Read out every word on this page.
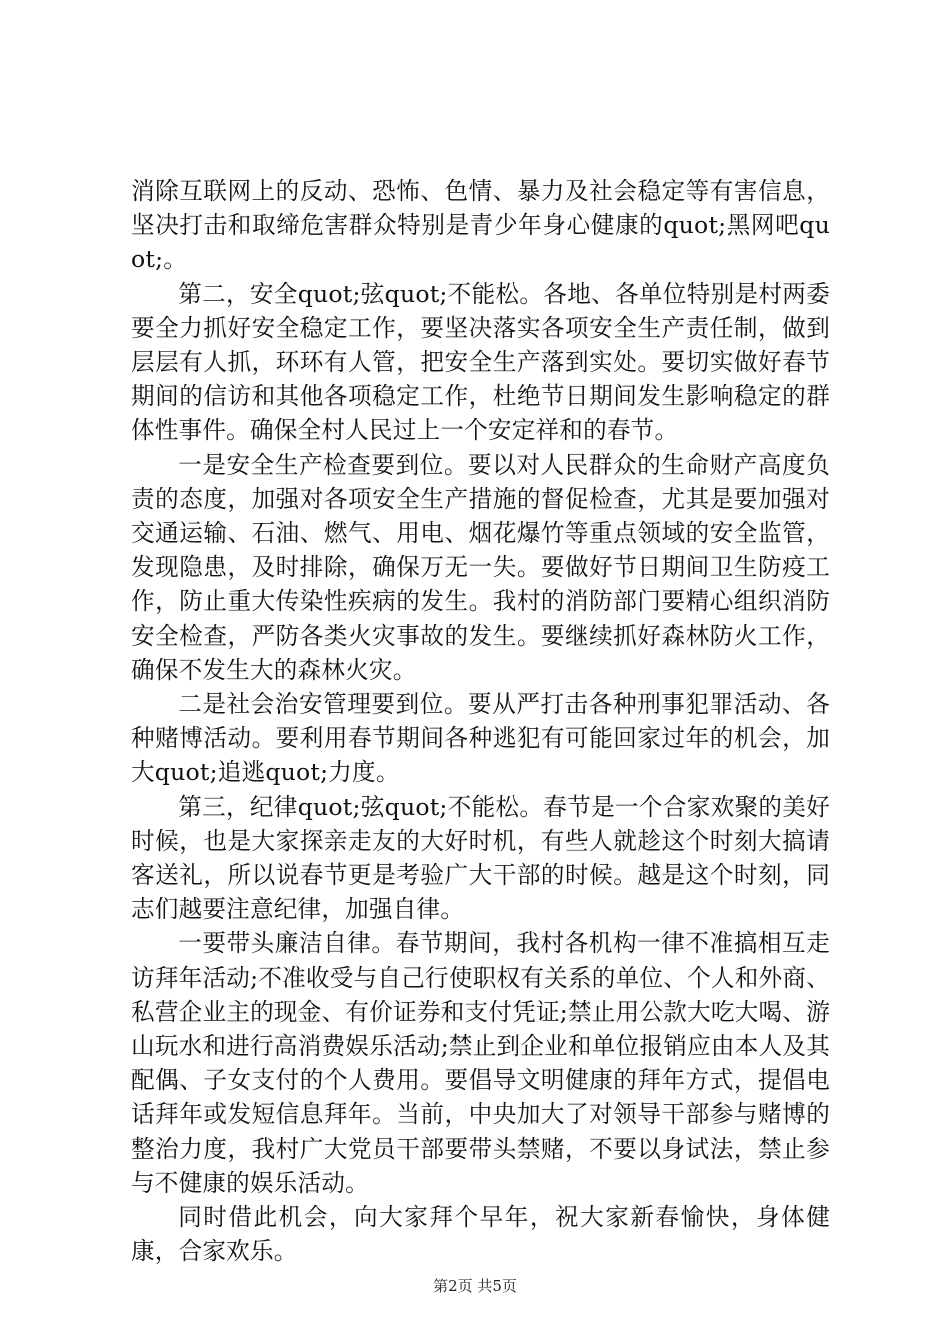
消除互联网上的反动、恐怖、色情、暴力及社会稳定等有害信息，坚决打击和取缔危害群众特别是青少年身心健康的quot;黑网吧quot;。

第二，安全quot;弦quot;不能松。各地、各单位特别是村两委要全力抓好安全稳定工作，要坚决落实各项安全生产责任制，做到层层有人抓，环环有人管，把安全生产落到实处。要切实做好春节期间的信访和其他各项稳定工作，杜绝节日期间发生影响稳定的群体性事件。确保全村人民过上一个安定祥和的春节。

一是安全生产检查要到位。要以对人民群众的生命财产高度负责的态度，加强对各项安全生产措施的督促检查，尤其是要加强对交通运输、石油、燃气、用电、烟花爆竹等重点领域的安全监管，发现隐患，及时排除，确保万无一失。要做好节日期间卫生防疫工作，防止重大传染性疾病的发生。我村的消防部门要精心组织消防安全检查，严防各类火灾事故的发生。要继续抓好森林防火工作，确保不发生大的森林火灾。

二是社会治安管理要到位。要从严打击各种刑事犯罪活动、各种赌博活动。要利用春节期间各种逃犯有可能回家过年的机会，加大quot;追逃quot;力度。

第三，纪律quot;弦quot;不能松。春节是一个合家欢聚的美好时候，也是大家探亲走友的大好时机，有些人就趁这个时刻大搞请客送礼，所以说春节更是考验广大干部的时候。越是这个时刻，同志们越要注意纪律，加强自律。

一要带头廉洁自律。春节期间，我村各机构一律不准搞相互走访拜年活动;不准收受与自己行使职权有关系的单位、个人和外商、私营企业主的现金、有价证券和支付凭证;禁止用公款大吃大喝、游山玩水和进行高消费娱乐活动;禁止到企业和单位报销应由本人及其配偶、子女支付的个人费用。要倡导文明健康的拜年方式，提倡电话拜年或发短信息拜年。当前，中央加大了对领导干部参与赌博的整治力度，我村广大党员干部要带头禁赌，不要以身试法，禁止参与不健康的娱乐活动。

同时借此机会，向大家拜个早年，祝大家新春愉快，身体健康，合家欢乐。

第2页 共5页
